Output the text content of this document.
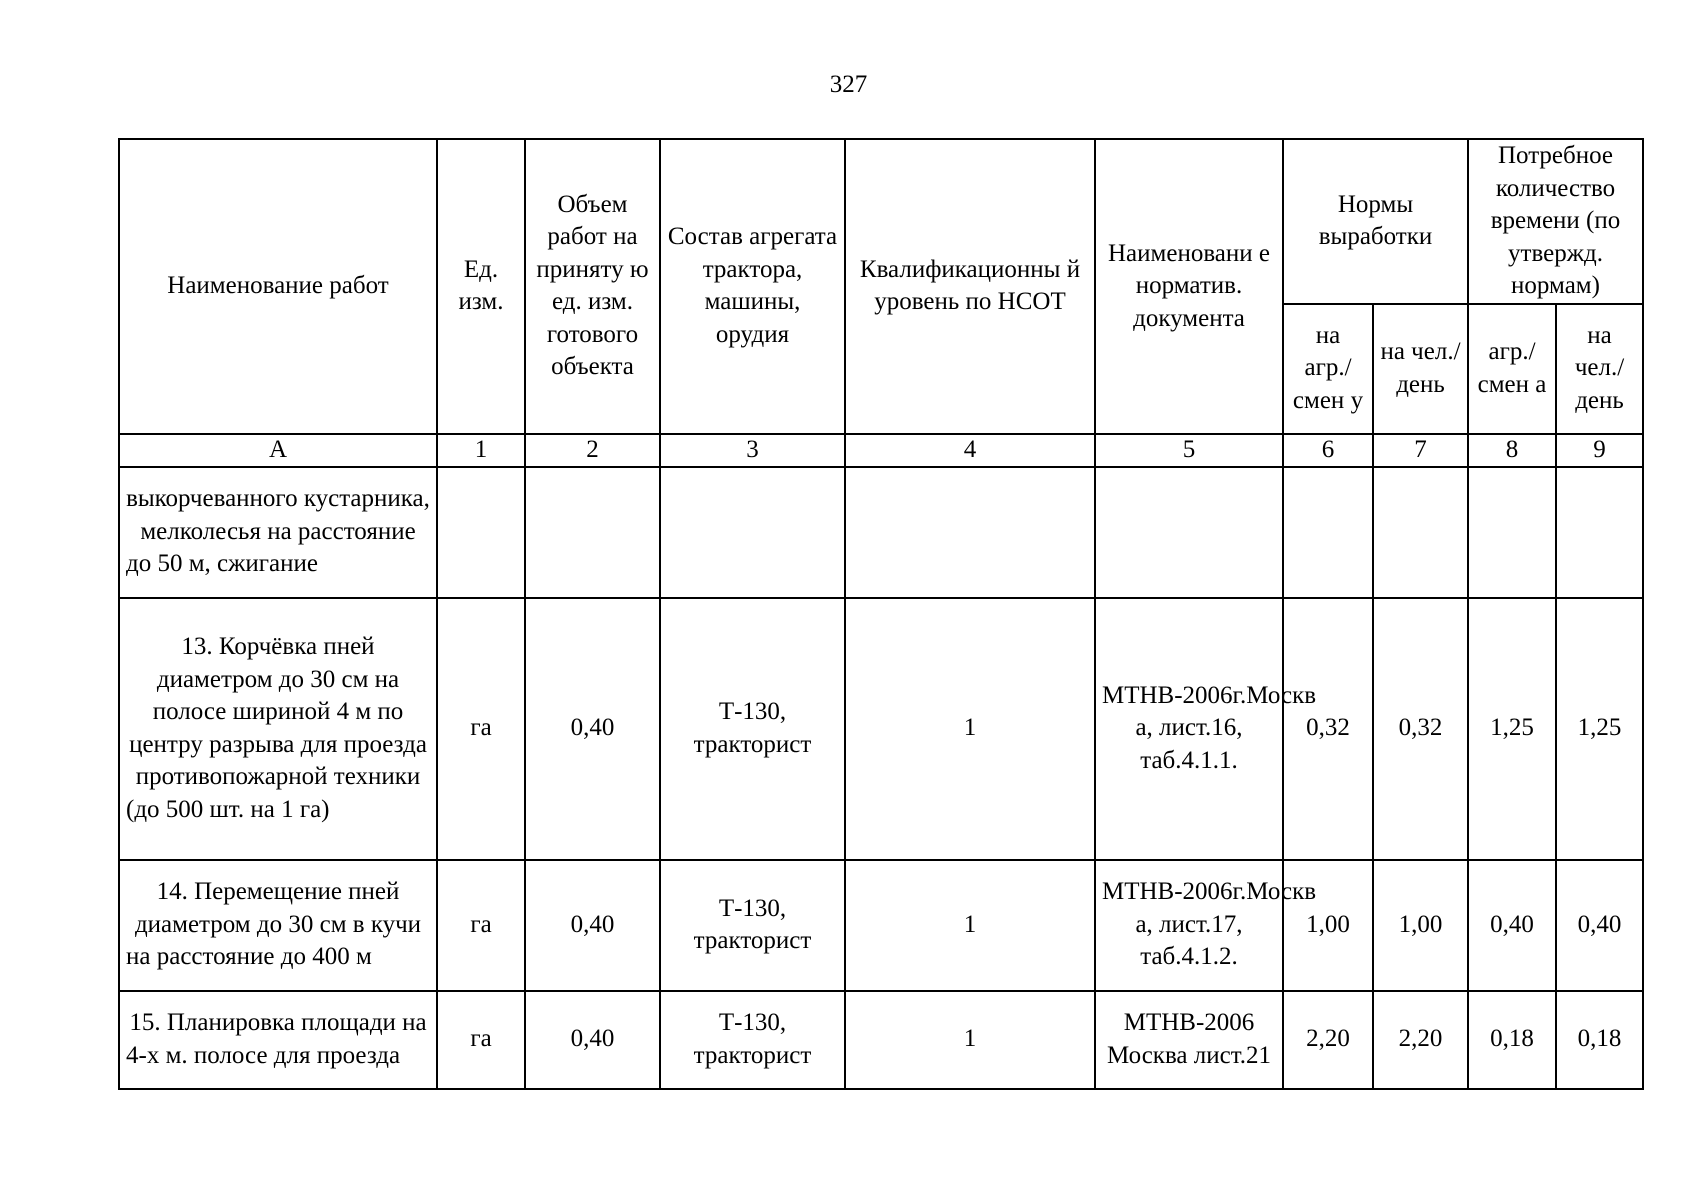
327
Наименование работ	Ед. изм.	Объем работ на приняту ю ед. изм. готового объекта	Состав агрегата трактора, машины, орудия	Квалификационны й уровень по НСОТ	Наименовани е норматив. документа	Нормы выработки		Потребное количество времени (по утвержд. нормам)	
						на агр./ смен у	на чел./ день	агр./ смен а	на чел./ день
А	1	2	3	4	5	6	7	8	9
выкорчеванного кустарника, мелколесья на расстояние до 50 м, сжигание									
13. Корчёвка пней диаметром до 30 см на полосе шириной 4 м по центру разрыва для проезда противопожарной техники (до 500 шт. на 1 га)	га	0,40	Т-130, тракторист	1	МТНВ-2006г.Москв а, лист.16, таб.4.1.1.	0,32	0,32	1,25	1,25
14. Перемещение пней диаметром до 30 см в кучи на расстояние до 400 м	га	0,40	Т-130, тракторист	1	МТНВ-2006г.Москв а, лист.17, таб.4.1.2.	1,00	1,00	0,40	0,40
15. Планировка площади на 4-х м. полосе для проезда	га	0,40	Т-130, тракторист	1	МТНВ-2006 Москва лист.21	2,20	2,20	0,18	0,18
